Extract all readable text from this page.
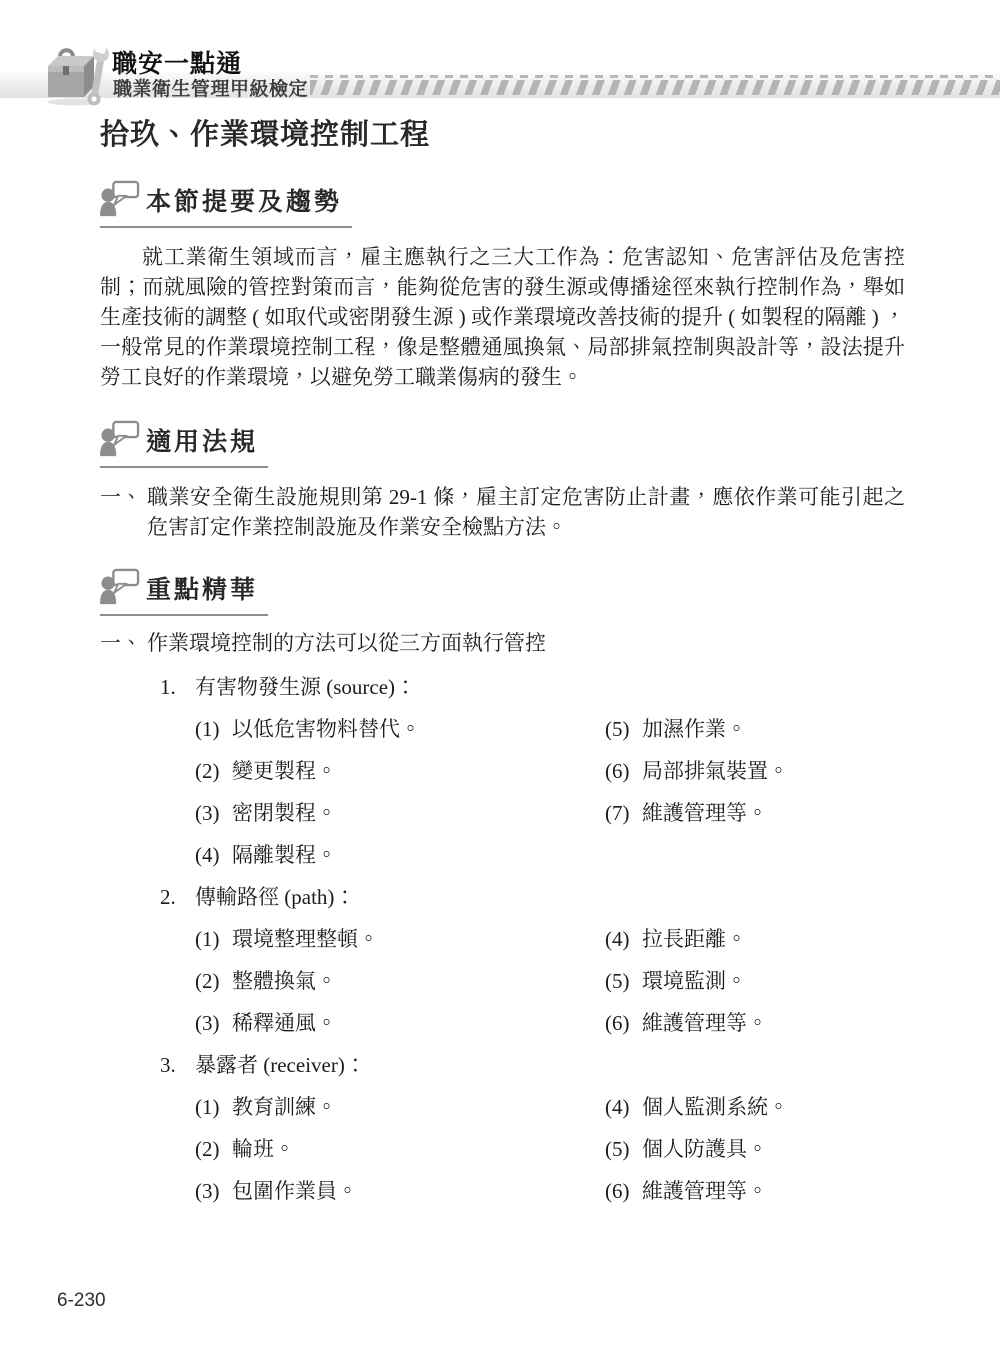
職安一點通
職業衛生管理甲級檢定
拾玖、作業環境控制工程
本節提要及趨勢

就工業衛生領域而言，雇主應執行之三大工作為：危害認知、危害評估及危害控制；而就風險的管控對策而言，能夠從危害的發生源或傳播途徑來執行控制作為，舉如生產技術的調整 ( 如取代或密閉發生源 ) 或作業環境改善技術的提升 ( 如製程的隔離 ) ，一般常見的作業環境控制工程，像是整體通風換氣、局部排氣控制與設計等，設法提升勞工良好的作業環境，以避免勞工職業傷病的發生。

適用法規
一、 職業安全衛生設施規則第 29-1 條，雇主訂定危害防止計畫，應依作業可能引起之危害訂定作業控制設施及作業安全檢點方法。
重點精華
一、 作業環境控制的方法可以從三方面執行管控
1. 有害物發生源 (source)：
(1) 以低危害物料替代。
(2) 變更製程。
(3) 密閉製程。
(4) 隔離製程。
(5) 加濕作業。
(6) 局部排氣裝置。
(7) 維護管理等。
2. 傳輸路徑 (path)：
(1) 環境整理整頓。
(2) 整體換氣。
(3) 稀釋通風。
(4) 拉長距離。
(5) 環境監測。
(6) 維護管理等。
3. 暴露者 (receiver)：
(1) 教育訓練。
(2) 輪班。
(3) 包圍作業員。
(4) 個人監測系統。
(5) 個人防護具。
(6) 維護管理等。
6-230
